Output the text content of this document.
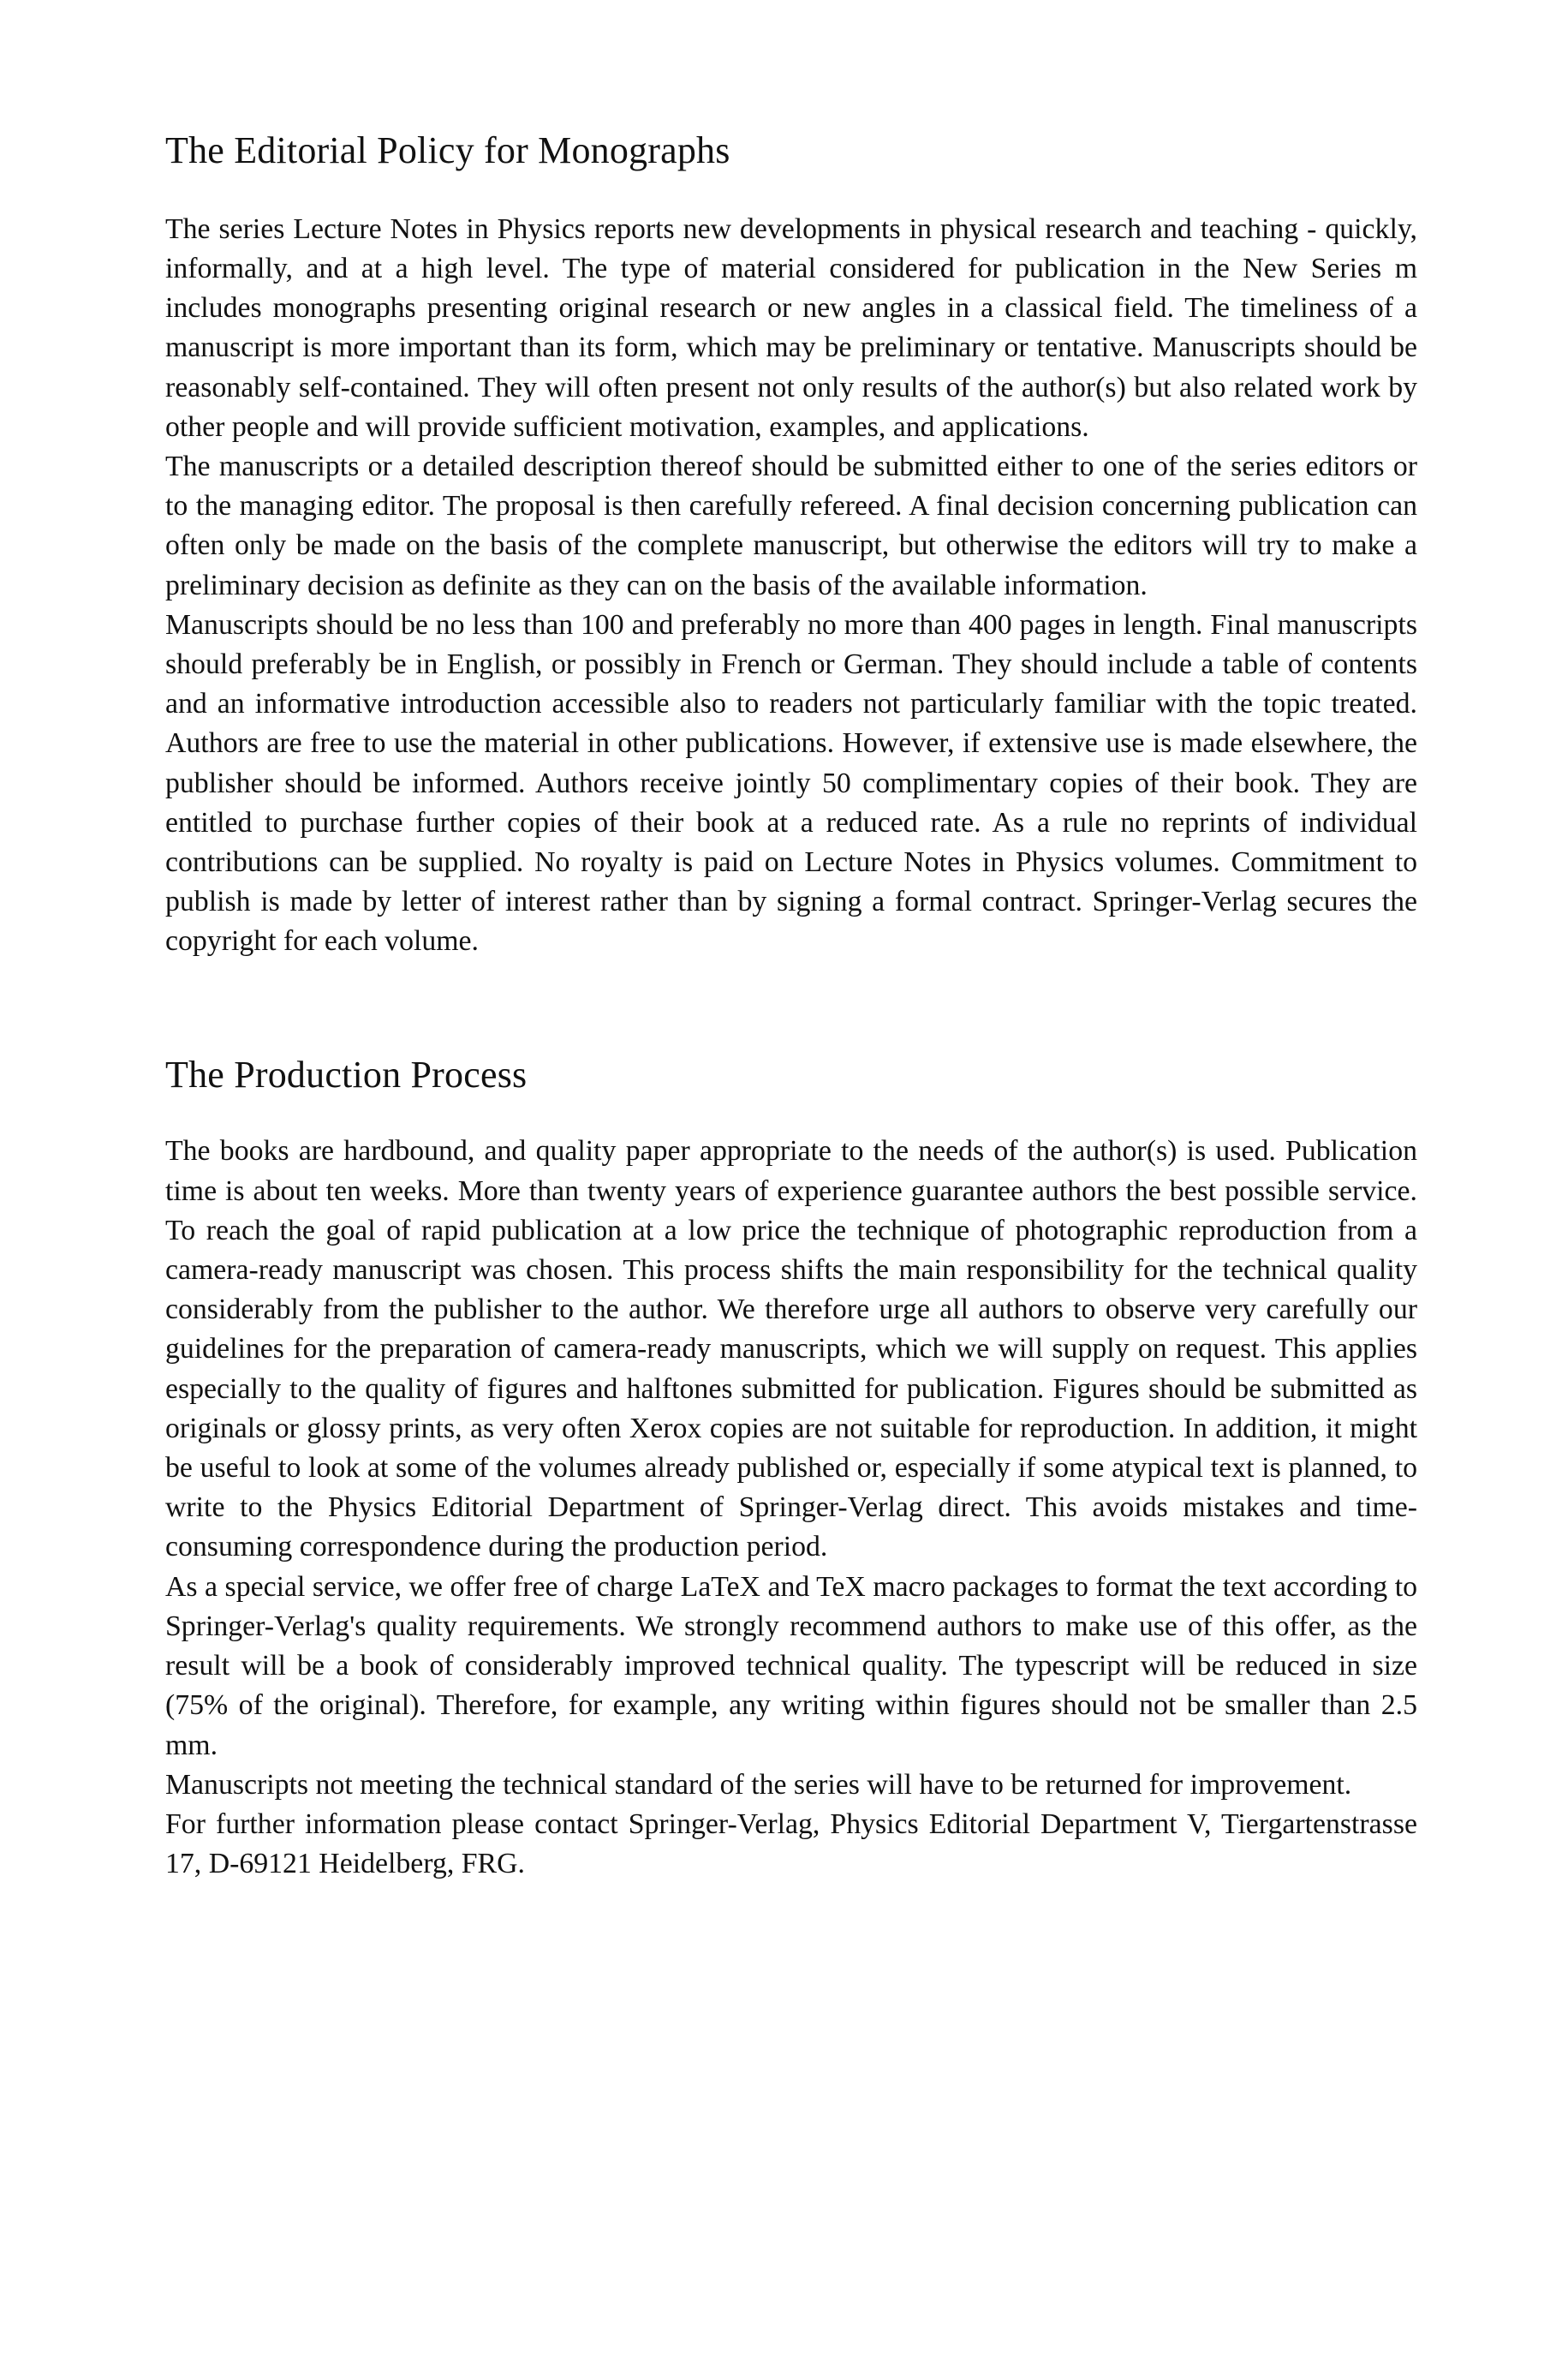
The Editorial Policy for Monographs

The series Lecture Notes in Physics reports new developments in physical research and teaching - quickly, informally, and at a high level. The type of material considered for publication in the New Series m includes monographs presenting original research or new angles in a classical field. The timeliness of a manuscript is more important than its form, which may be preliminary or tentative. Manuscripts should be reasonably self-contained. They will often present not only results of the author(s) but also related work by other people and will provide sufficient motivation, examples, and applications.

The manuscripts or a detailed description thereof should be submitted either to one of the series editors or to the managing editor. The proposal is then carefully refereed. A final decision concerning publication can often only be made on the basis of the complete manuscript, but otherwise the editors will try to make a preliminary decision as definite as they can on the basis of the available information.

Manuscripts should be no less than 100 and preferably no more than 400 pages in length. Final manuscripts should preferably be in English, or possibly in French or German. They should include a table of contents and an informative introduction accessible also to readers not particularly familiar with the topic treated. Authors are free to use the material in other publications. However, if extensive use is made elsewhere, the publisher should be informed. Authors receive jointly 50 complimentary copies of their book. They are entitled to purchase further copies of their book at a reduced rate. As a rule no reprints of individual contributions can be supplied. No royalty is paid on Lecture Notes in Physics volumes. Commitment to publish is made by letter of interest rather than by signing a formal contract. Springer-Verlag secures the copyright for each volume.

The Production Process

The books are hardbound, and quality paper appropriate to the needs of the author(s) is used. Publication time is about ten weeks. More than twenty years of experience guarantee authors the best possible service. To reach the goal of rapid publication at a low price the technique of photographic reproduction from a camera-ready manuscript was chosen. This process shifts the main responsibility for the technical quality considerably from the publisher to the author. We therefore urge all authors to observe very carefully our guidelines for the preparation of camera-ready manuscripts, which we will supply on request. This applies especially to the quality of figures and halftones submitted for publication. Figures should be submitted as originals or glossy prints, as very often Xerox copies are not suitable for reproduction. In addition, it might be useful to look at some of the volumes already published or, especially if some atypical text is planned, to write to the Physics Editorial Department of Springer-Verlag direct. This avoids mistakes and time-consuming correspondence during the production period.

As a special service, we offer free of charge LaTeX and TeX macro packages to format the text according to Springer-Verlag's quality requirements. We strongly recommend authors to make use of this offer, as the result will be a book of considerably improved technical quality. The typescript will be reduced in size (75% of the original). Therefore, for example, any writing within figures should not be smaller than 2.5 mm.

Manuscripts not meeting the technical standard of the series will have to be returned for improvement.

For further information please contact Springer-Verlag, Physics Editorial Department V, Tiergartenstrasse 17, D-69121 Heidelberg, FRG.
